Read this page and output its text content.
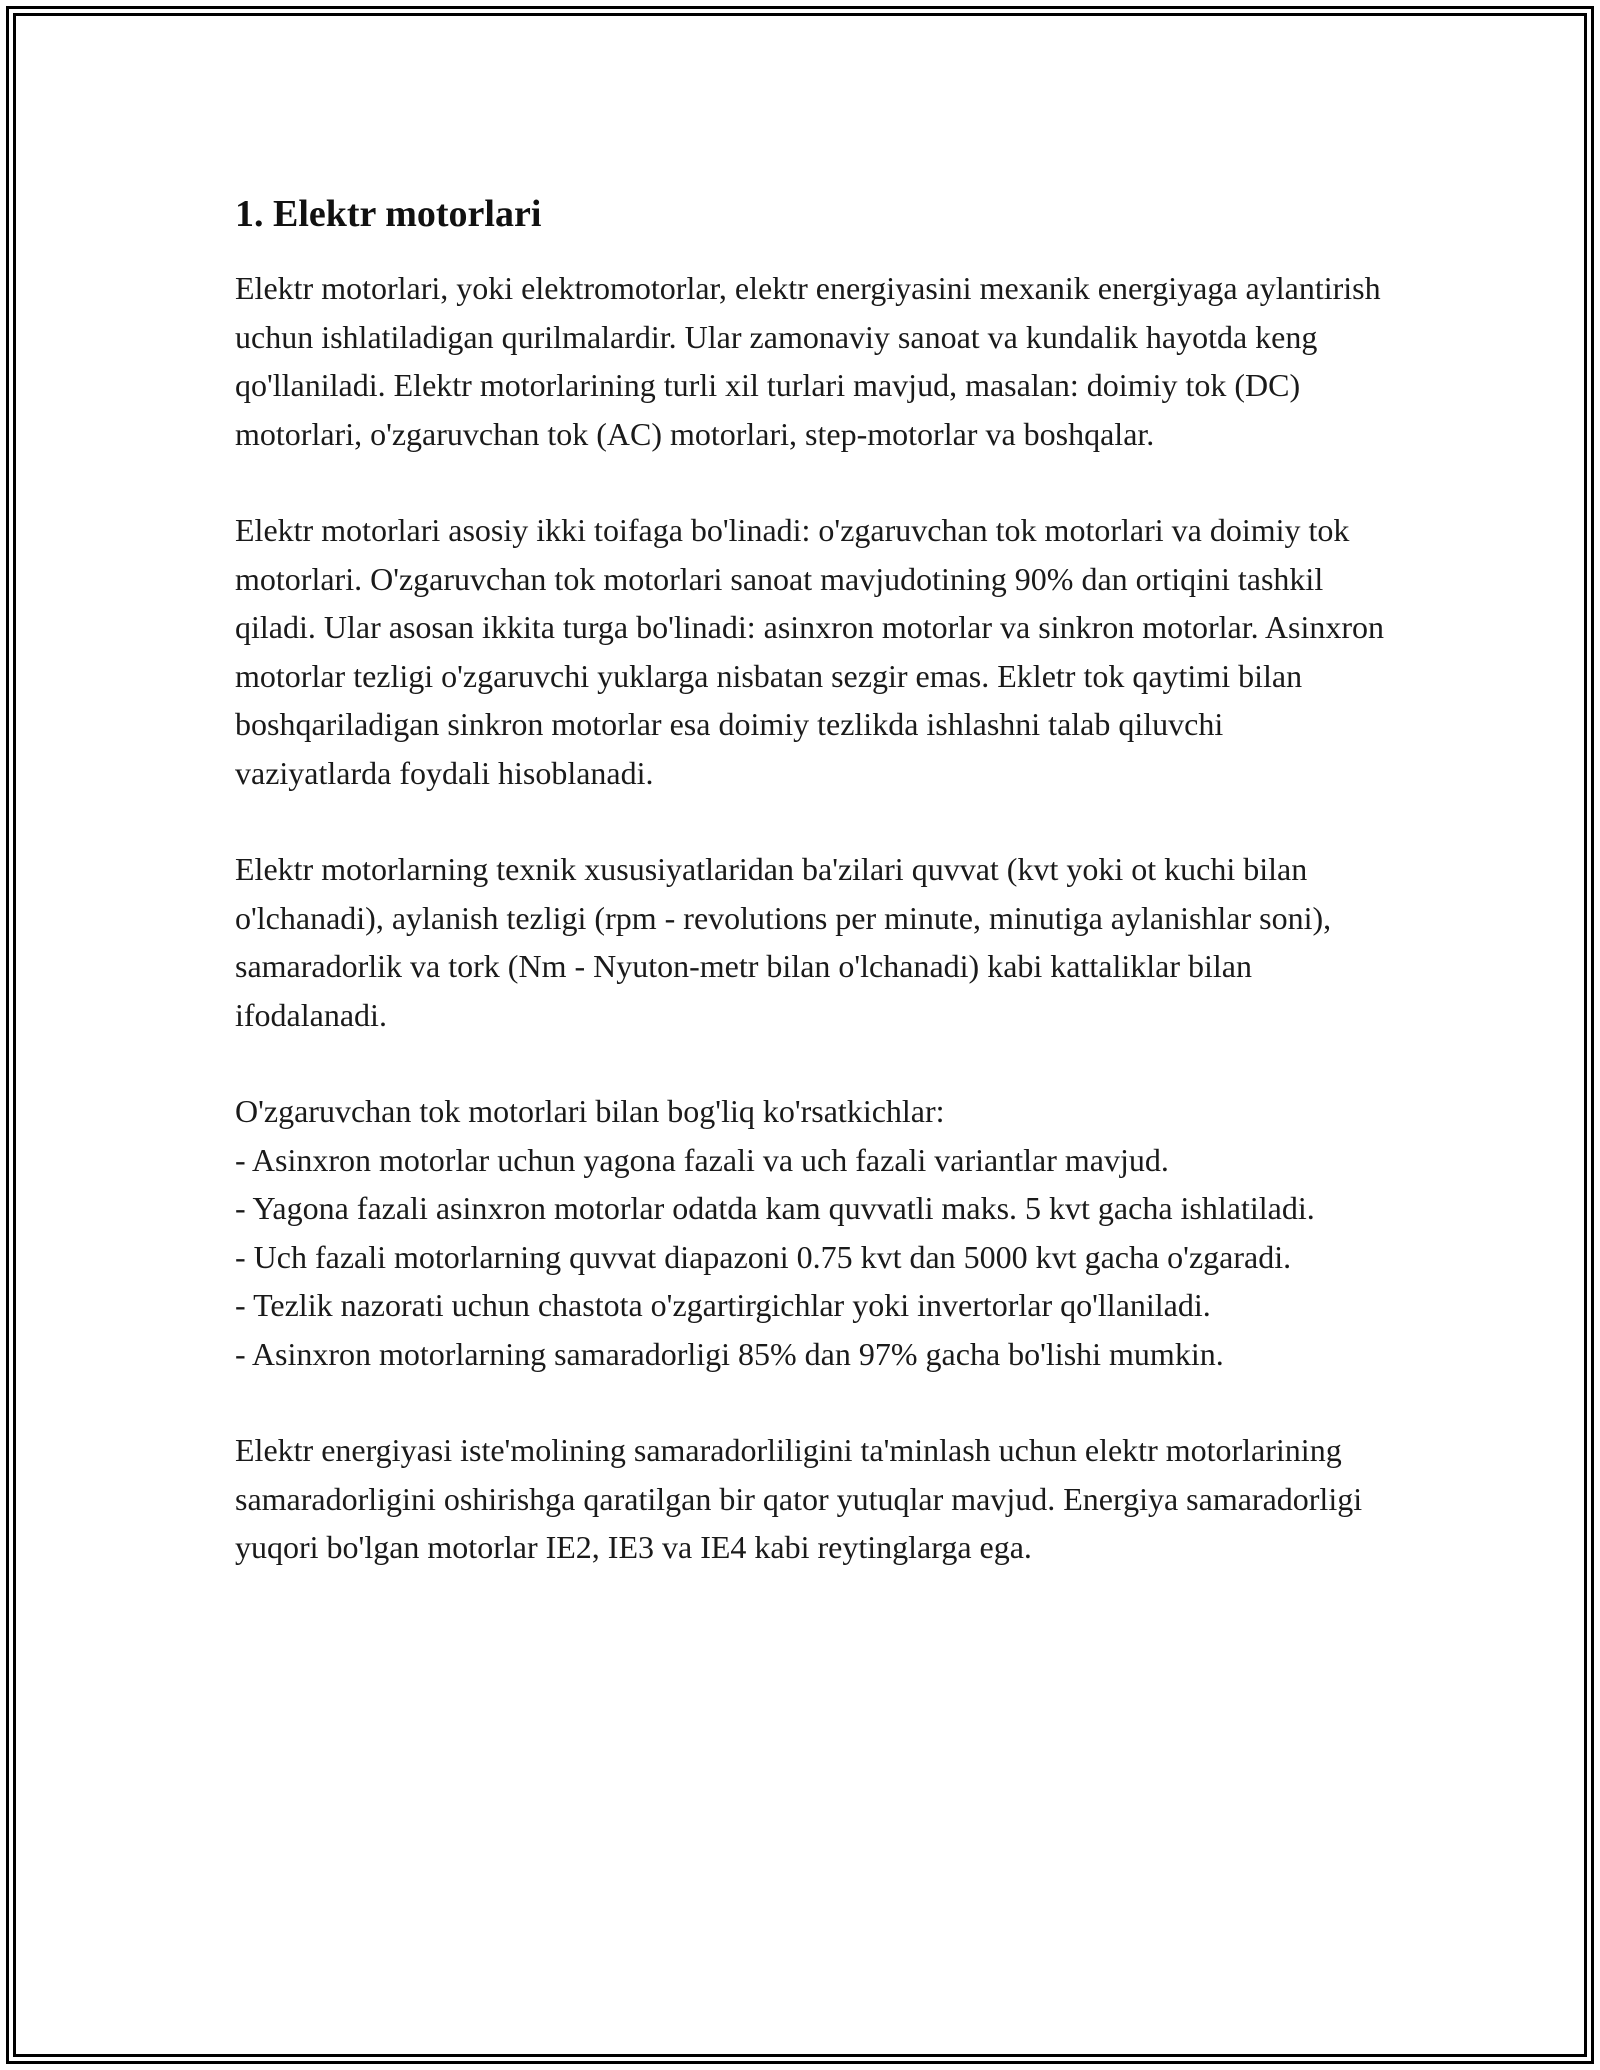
1. Elektr motorlari

Elektr motorlari, yoki elektromotorlar, elektr energiyasini mexanik energiyaga aylantirish uchun ishlatiladigan qurilmalardir. Ular zamonaviy sanoat va kundalik hayotda keng qo'llaniladi. Elektr motorlarining turli xil turlari mavjud, masalan: doimiy tok (DC) motorlari, o'zgaruvchan tok (AC) motorlari, step-motorlar va boshqalar.

Elektr motorlari asosiy ikki toifaga bo'linadi: o'zgaruvchan tok motorlari va doimiy tok motorlari. O'zgaruvchan tok motorlari sanoat mavjudotining 90% dan ortiqini tashkil qiladi. Ular asosan ikkita turga bo'linadi: asinxron motorlar va sinkron motorlar. Asinxron motorlar tezligi o'zgaruvchi yuklarga nisbatan sezgir emas. Ekletr tok qaytimi bilan boshqariladigan sinkron motorlar esa doimiy tezlikda ishlashni talab qiluvchi vaziyatlarda foydali hisoblanadi.

Elektr motorlarning texnik xususiyatlaridan ba'zilari quvvat (kvt yoki ot kuchi bilan o'lchanadi), aylanish tezligi (rpm - revolutions per minute, minutiga aylanishlar soni), samaradorlik va tork (Nm - Nyuton-metr bilan o'lchanadi) kabi kattaliklar bilan ifodalanadi.

O'zgaruvchan tok motorlari bilan bog'liq ko'rsatkichlar:
- Asinxron motorlar uchun yagona fazali va uch fazali variantlar mavjud.
- Yagona fazali asinxron motorlar odatda kam quvvatli maks. 5 kvt gacha ishlatiladi.
- Uch fazali motorlarning quvvat diapazoni 0.75 kvt dan 5000 kvt gacha o'zgaradi.
- Tezlik nazorati uchun chastota o'zgartirgichlar yoki invertorlar qo'llaniladi.
- Asinxron motorlarning samaradorligi 85% dan 97% gacha bo'lishi mumkin.

Elektr energiyasi iste'molining samaradorliligini ta'minlash uchun elektr motorlarining samaradorligini oshirishga qaratilgan bir qator yutuqlar mavjud. Energiya samaradorligi yuqori bo'lgan motorlar IE2, IE3 va IE4 kabi reytinglarga ega.
